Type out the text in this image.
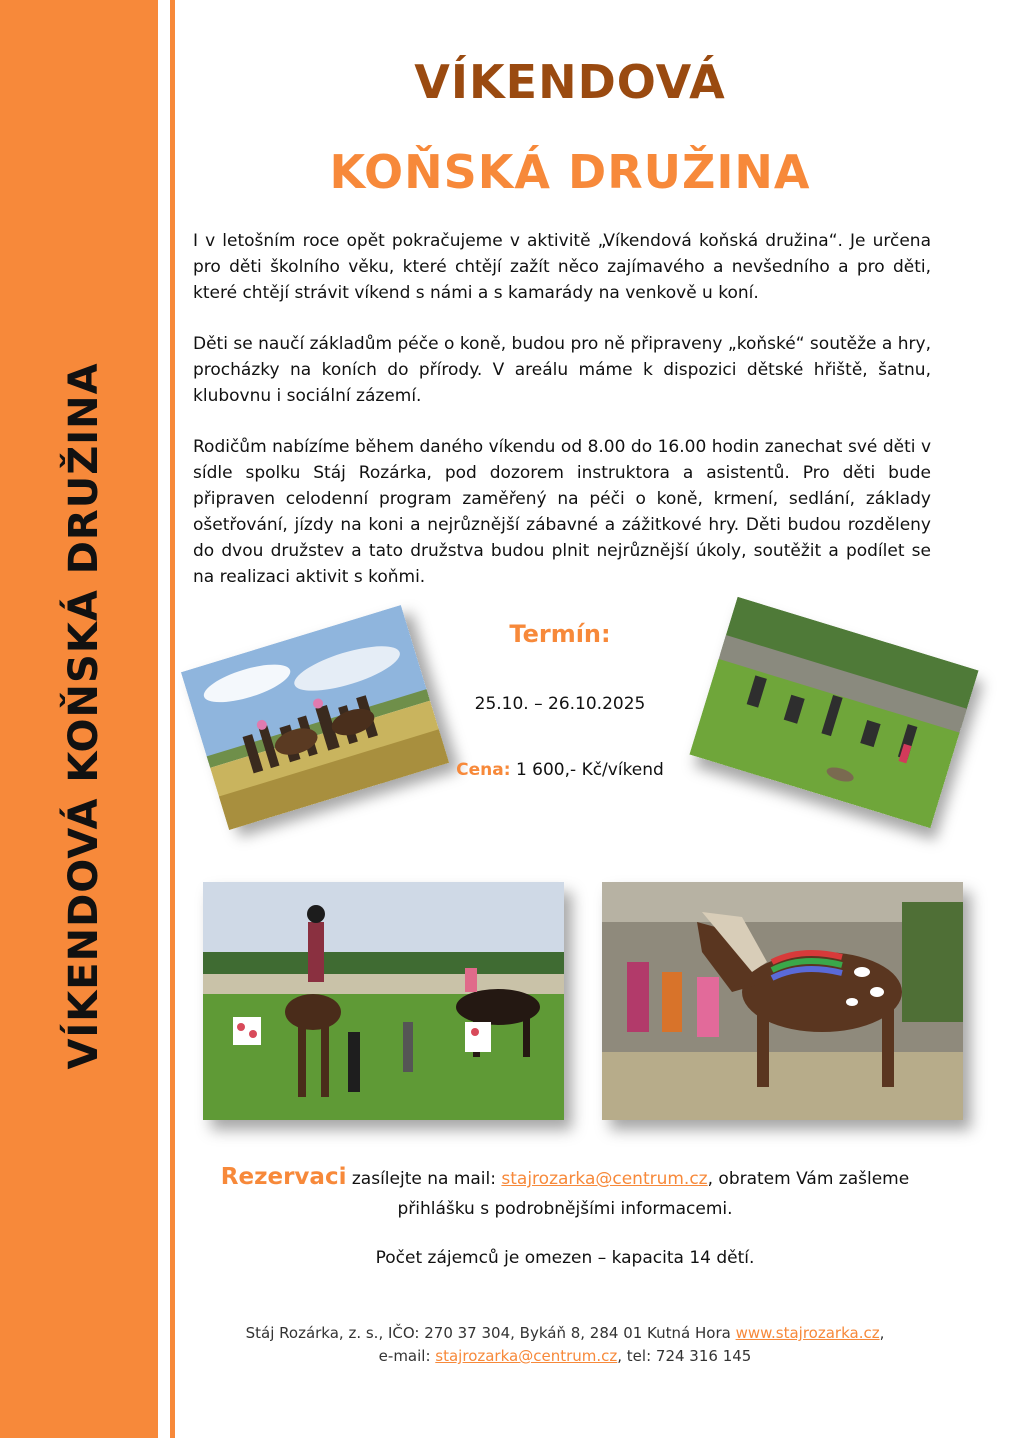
VÍKENDOVÁ KOŇSKÁ DRUŽINA
VÍKENDOVÁ
KOŇSKÁ DRUŽINA

I v letošním roce opět pokračujeme v aktivitě „Víkendová koňská družina“. Je určena pro děti školního věku, které chtějí zažít něco zajímavého a nevšedního a pro děti, které chtějí strávit víkend s námi a s kamarády na venkově u koní.

Děti se naučí základům péče o koně, budou pro ně připraveny „koňské“ soutěže a hry, procházky na koních do přírody. V areálu máme k dispozici dětské hřiště, šatnu, klubovnu i sociální zázemí.

Rodičům nabízíme během daného víkendu od 8.00 do 16.00 hodin zanechat své děti v sídle spolku Stáj Rozárka, pod dozorem instruktora a asistentů. Pro děti bude připraven celodenní program zaměřený na péči o koně, krmení, sedlání, základy ošetřování, jízdy na koni a nejrůznější zábavné a zážitkové hry. Děti budou rozděleny do dvou družstev a tato družstva budou plnit nejrůznější úkoly, soutěžit a podílet se na realizaci aktivit s koňmi.

Termín:
25.10. – 26.10.2025
Cena: 1 600,- Kč/víkend
Rezervaci zasílejte na mail: stajrozarka@centrum.cz, obratem Vám zašleme
přihlášku s podrobnějšími informacemi.
Počet zájemců je omezen – kapacita 14 dětí.
Stáj Rozárka, z. s., IČO: 270 37 304, Bykáň 8, 284 01 Kutná Hora www.stajrozarka.cz,
e-mail: stajrozarka@centrum.cz, tel: 724 316 145
